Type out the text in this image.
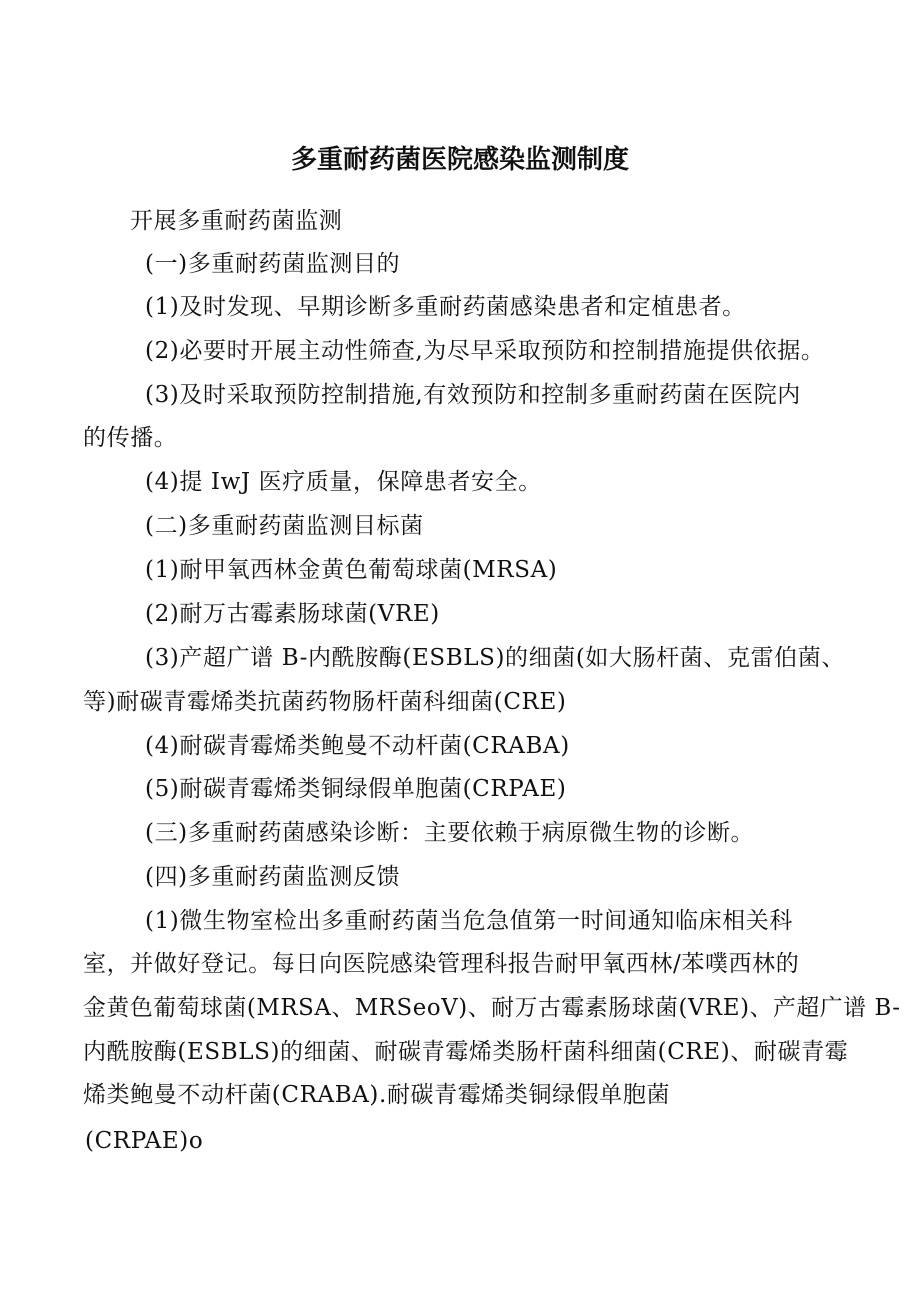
多重耐药菌医院感染监测制度
开展多重耐药菌监测
(一)多重耐药菌监测目的
(1)及时发现、早期诊断多重耐药菌感染患者和定植患者。
(2)必要时开展主动性筛查,为尽早采取预防和控制措施提供依据。
(3)及时采取预防控制措施,有效预防和控制多重耐药菌在医院内
的传播。
(4)提 IwJ 医疗质量，保障患者安全。
(二)多重耐药菌监测目标菌
(1)耐甲氧西林金黄色葡萄球菌(MRSA)
(2)耐万古霉素肠球菌(VRE)
(3)产超广谱 B-内酰胺酶(ESBLS)的细菌(如大肠杆菌、克雷伯菌、
等)耐碳青霉烯类抗菌药物肠杆菌科细菌(CRE)
(4)耐碳青霉烯类鲍曼不动杆菌(CRABA)
(5)耐碳青霉烯类铜绿假单胞菌(CRPAE)
(三)多重耐药菌感染诊断：主要依赖于病原微生物的诊断。
(四)多重耐药菌监测反馈
(1)微生物室检出多重耐药菌当危急值第一时间通知临床相关科
室，并做好登记。每日向医院感染管理科报告耐甲氧西林/苯噗西林的
金黄色葡萄球菌(MRSA、MRSeoV)、耐万古霉素肠球菌(VRE)、产超广谱 B-
内酰胺酶(ESBLS)的细菌、耐碳青霉烯类肠杆菌科细菌(CRE)、耐碳青霉
烯类鲍曼不动杆菌(CRABA).耐碳青霉烯类铜绿假单胞菌
(CRPAE)o
